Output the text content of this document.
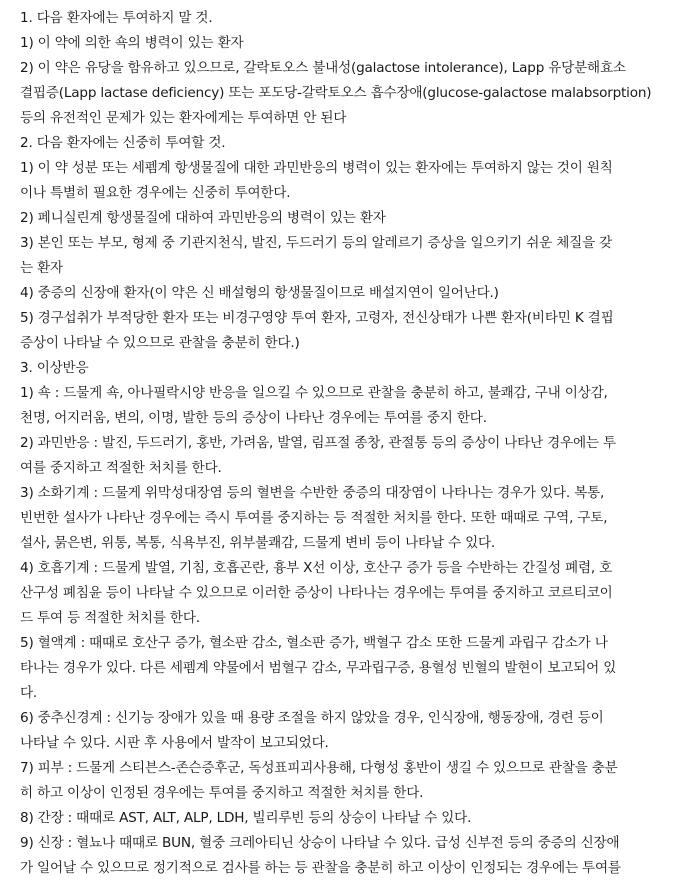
1. 다음 환자에는 투여하지 말 것.
1) 이 약에 의한 쇽의 병력이 있는 환자
2) 이 약은 유당을 함유하고 있으므로, 갈락토오스 불내성(galactose intolerance), Lapp 유당분해효소
결핍증(Lapp lactase deficiency) 또는 포도당-갈락토오스 흡수장애(glucose-galactose malabsorption)
등의 유전적인 문제가 있는 환자에게는 투여하면 안 된다
2. 다음 환자에는 신중히 투여할 것.
1) 이 약 성분 또는 세펨계 항생물질에 대한 과민반응의 병력이 있는 환자에는 투여하지 않는 것이 원칙
이나 특별히 필요한 경우에는 신중히 투여한다.
2) 페니실린계 항생물질에 대하여 과민반응의 병력이 있는 환자
3) 본인 또는 부모, 형제 중 기관지천식, 발진, 두드러기 등의 알레르기 증상을 일으키기 쉬운 체질을 갖
는 환자
4) 중증의 신장애 환자(이 약은 신 배설형의 항생물질이므로 배설지연이 일어난다.)
5) 경구섭취가 부적당한 환자 또는 비경구영양 투여 환자, 고령자, 전신상태가 나쁜 환자(비타민 K 결핍
증상이 나타날 수 있으므로 관찰을 충분히 한다.)
3. 이상반응
1) 쇽 : 드물게 쇽, 아나필락시양 반응을 일으킬 수 있으므로 관찰을 충분히 하고, 불쾌감, 구내 이상감,
천명, 어지러움, 변의, 이명, 발한 등의 증상이 나타난 경우에는 투여를 중지 한다.
2) 과민반응 : 발진, 두드러기, 홍반, 가려움, 발열, 림프절 종창, 관절통 등의 증상이 나타난 경우에는 투
여를 중지하고 적절한 처치를 한다.
3) 소화기계 : 드물게 위막성대장염 등의 혈변을 수반한 중증의 대장염이 나타나는 경우가 있다. 복통,
빈번한 설사가 나타난 경우에는 즉시 투여를 중지하는 등 적절한 처치를 한다. 또한 때때로 구역, 구토,
설사, 묽은변, 위통, 복통, 식욕부진, 위부불쾌감, 드물게 변비 등이 나타날 수 있다.
4) 호흡기계 : 드물게 발열, 기침, 호흡곤란, 흉부 X선 이상, 호산구 증가 등을 수반하는 간질성 폐렴, 호
산구성 폐침윤 등이 나타날 수 있으므로 이러한 증상이 나타나는 경우에는 투여를 중지하고 코르티코이
드 투여 등 적절한 처치를 한다.
5) 혈액계 : 때때로 호산구 증가, 혈소판 감소, 혈소판 증가, 백혈구 감소 또한 드물게 과립구 감소가 나
타나는 경우가 있다. 다른 세펨계 약물에서 범혈구 감소, 무과립구증, 용혈성 빈혈의 발현이 보고되어 있
다.
6) 중추신경계 : 신기능 장애가 있을 때 용량 조절을 하지 않았을 경우, 인식장애, 행동장애, 경련 등이
나타날 수 있다. 시판 후 사용에서 발작이 보고되었다.
7) 피부 : 드물게 스티븐스-존슨증후군, 독성표피괴사용해, 다형성 홍반이 생길 수 있으므로 관찰을 충분
히 하고 이상이 인정된 경우에는 투여를 중지하고 적절한 처치를 한다.
8) 간장 : 때때로 AST, ALT, ALP, LDH, 빌리루빈 등의 상승이 나타날 수 있다.
9) 신장 : 혈뇨나 때때로 BUN, 혈중 크레아티닌 상승이 나타날 수 있다. 급성 신부전 등의 중증의 신장애
가 일어날 수 있으므로 정기적으로 검사를 하는 등 관찰을 충분히 하고 이상이 인정되는 경우에는 투여를
